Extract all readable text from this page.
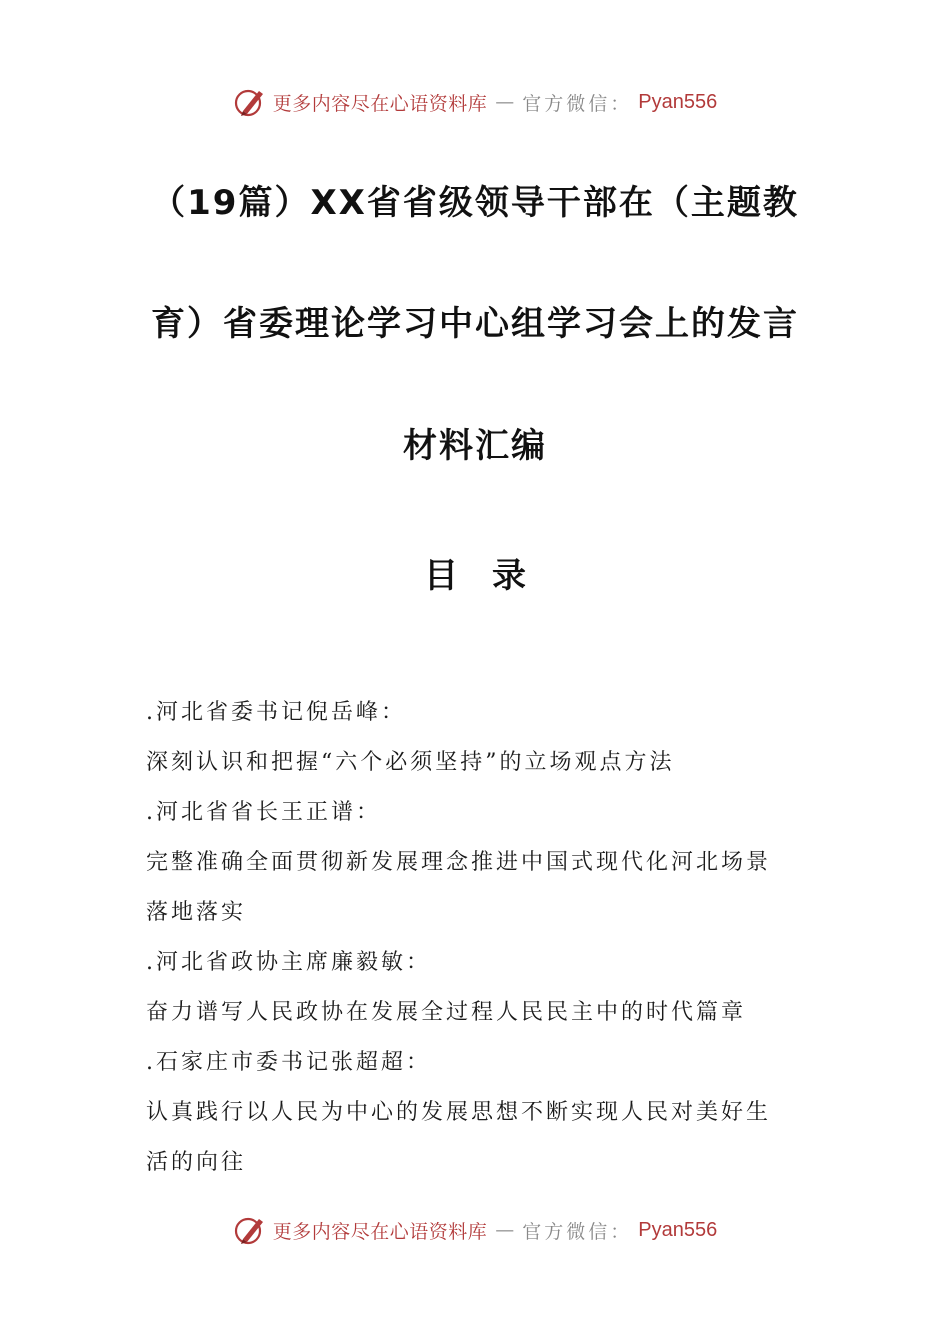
更多内容尽在心语资料库 — 官方微信： Pyan556
（19篇）XX省省级领导干部在（主题教
育）省委理论学习中心组学习会上的发言
材料汇编
目　录
.河北省委书记倪岳峰：
深刻认识和把握“六个必须坚持”的立场观点方法
.河北省省长王正谱：
完整准确全面贯彻新发展理念推进中国式现代化河北场景
落地落实
.河北省政协主席廉毅敏：
奋力谱写人民政协在发展全过程人民民主中的时代篇章
.石家庄市委书记张超超：
认真践行以人民为中心的发展思想不断实现人民对美好生
活的向往
更多内容尽在心语资料库 — 官方微信： Pyan556
